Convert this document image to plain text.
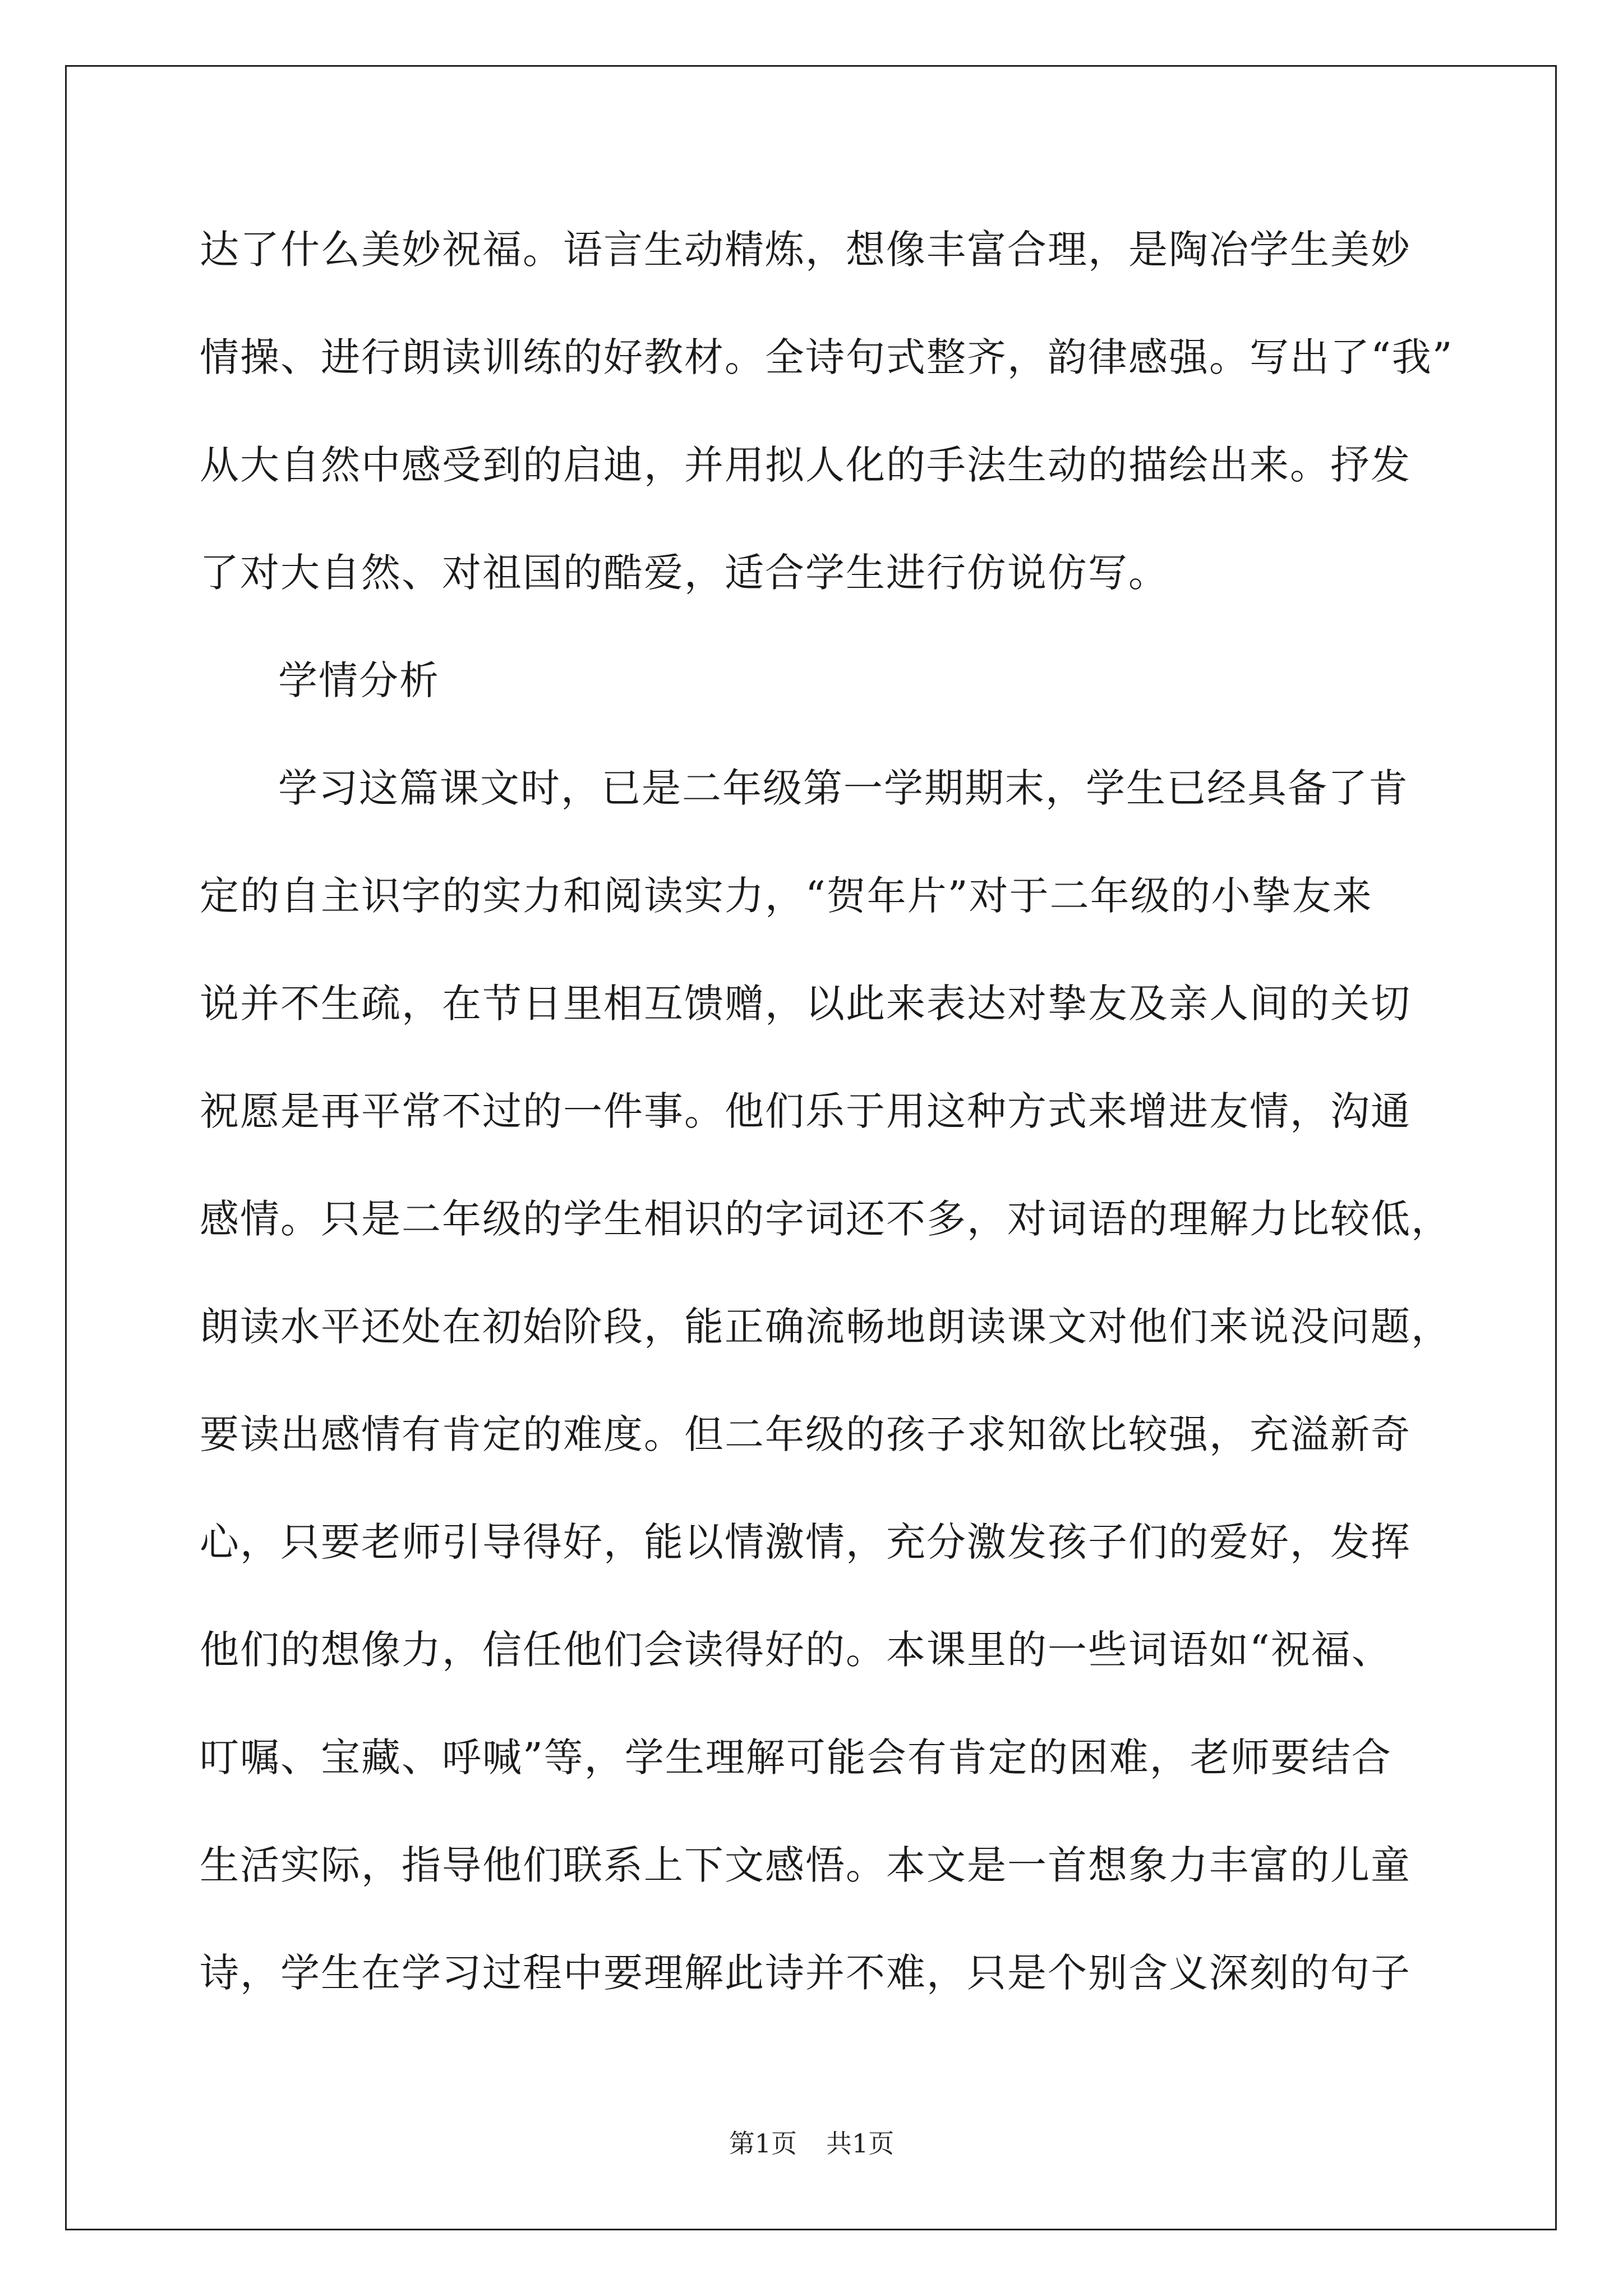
达了什么美妙祝福。语言生动精炼，想像丰富合理，是陶冶学生美妙
情操、进行朗读训练的好教材。全诗句式整齐，韵律感强。写出了“我”
从大自然中感受到的启迪，并用拟人化的手法生动的描绘出来。抒发
了对大自然、对祖国的酷爱，适合学生进行仿说仿写。
学情分析
学习这篇课文时，已是二年级第一学期期末，学生已经具备了肯
定的自主识字的实力和阅读实力，“贺年片”对于二年级的小挚友来
说并不生疏，在节日里相互馈赠，以此来表达对挚友及亲人间的关切
祝愿是再平常不过的一件事。他们乐于用这种方式来增进友情，沟通
感情。只是二年级的学生相识的字词还不多，对词语的理解力比较低，
朗读水平还处在初始阶段，能正确流畅地朗读课文对他们来说没问题，
要读出感情有肯定的难度。但二年级的孩子求知欲比较强，充溢新奇
心，只要老师引导得好，能以情激情，充分激发孩子们的爱好，发挥
他们的想像力，信任他们会读得好的。本课里的一些词语如“祝福、
叮嘱、宝藏、呼喊”等，学生理解可能会有肯定的困难，老师要结合
生活实际，指导他们联系上下文感悟。本文是一首想象力丰富的儿童
诗，学生在学习过程中要理解此诗并不难，只是个别含义深刻的句子
第1页 共1页
